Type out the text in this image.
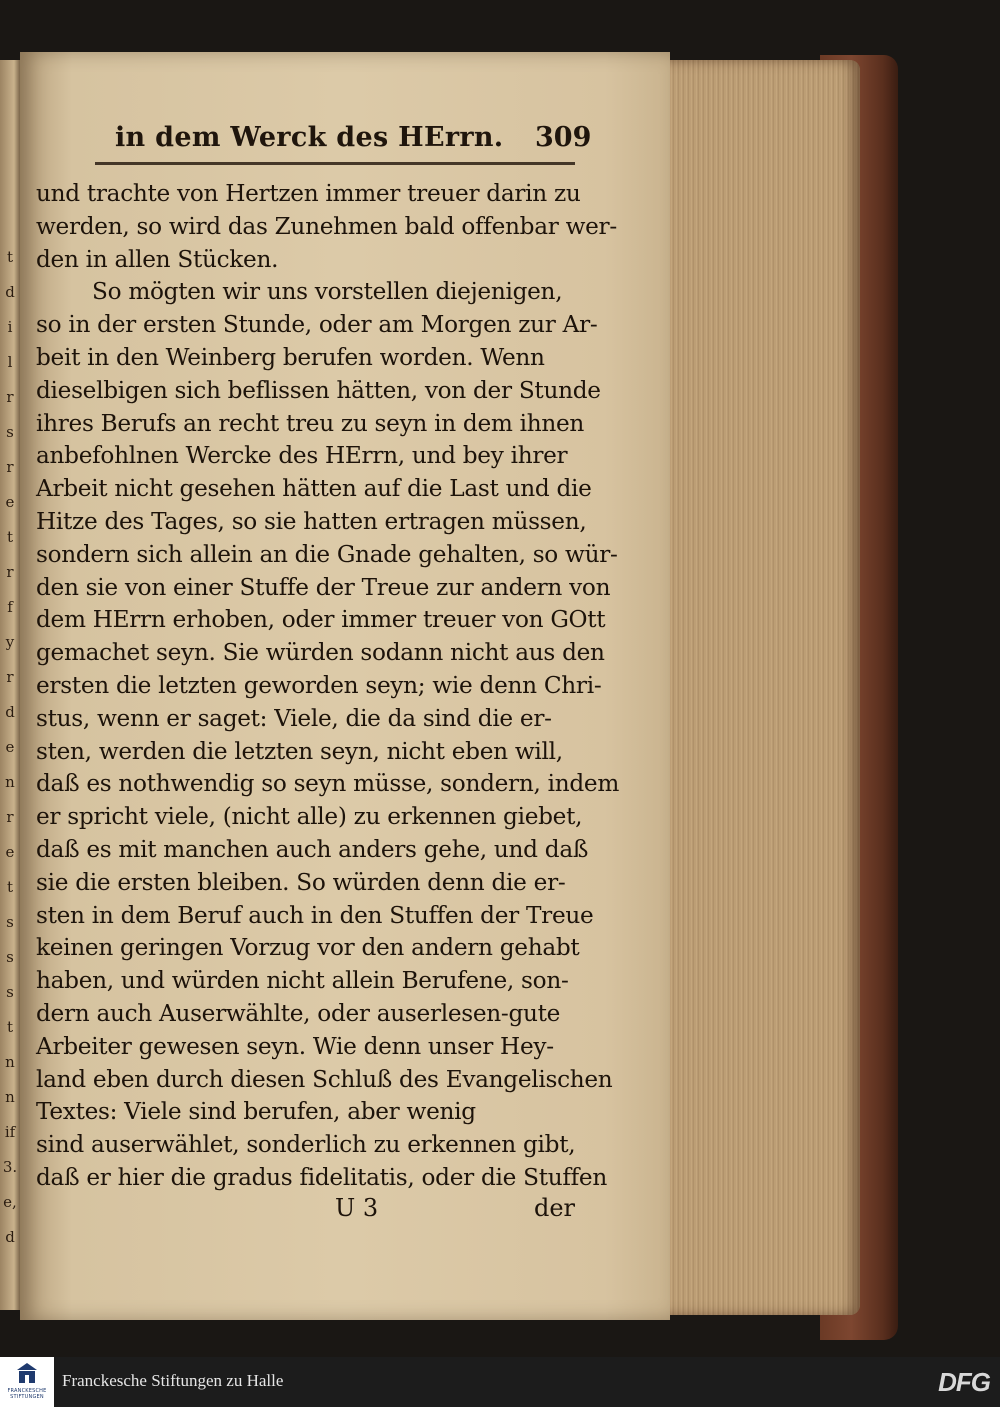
t
d
i
l
r
s
r
e
t
r
f
y
r
d
e
n
r
e
t
s
s
s
t
n
n
if
3.
e,
d
in dem Werck des HErrn. 309
und trachte von Hertzen immer treuer darin zu
werden, so wird das Zunehmen bald offenbar wer-
den in allen Stücken.
So mögten wir uns vorstellen diejenigen,
so in der ersten Stunde, oder am Morgen zur Ar-
beit in den Weinberg berufen worden. Wenn
dieselbigen sich beflissen hätten, von der Stunde
ihres Berufs an recht treu zu seyn in dem ihnen
anbefohlnen Wercke des HErrn, und bey ihrer
Arbeit nicht gesehen hätten auf die Last und die
Hitze des Tages, so sie hatten ertragen müssen,
sondern sich allein an die Gnade gehalten, so wür-
den sie von einer Stuffe der Treue zur andern von
dem HErrn erhoben, oder immer treuer von GOtt
gemachet seyn. Sie würden sodann nicht aus den
ersten die letzten geworden seyn; wie denn Chri-
stus, wenn er saget: Viele, die da sind die er-
sten, werden die letzten seyn, nicht eben will,
daß es nothwendig so seyn müsse, sondern, indem
er spricht viele, (nicht alle) zu erkennen giebet,
daß es mit manchen auch anders gehe, und daß
sie die ersten bleiben. So würden denn die er-
sten in dem Beruf auch in den Stuffen der Treue
keinen geringen Vorzug vor den andern gehabt
haben, und würden nicht allein Berufene, son-
dern auch Auserwählte, oder auserlesen-gute
Arbeiter gewesen seyn. Wie denn unser Hey-
land eben durch diesen Schluß des Evangelischen
Textes: Viele sind berufen, aber wenig
sind auserwählet, sonderlich zu erkennen gibt,
daß er hier die gradus fidelitatis, oder die Stuffen
U 3	der
FRANCKESCHE STIFTUNGEN
Franckesche Stiftungen zu Halle	DFG
